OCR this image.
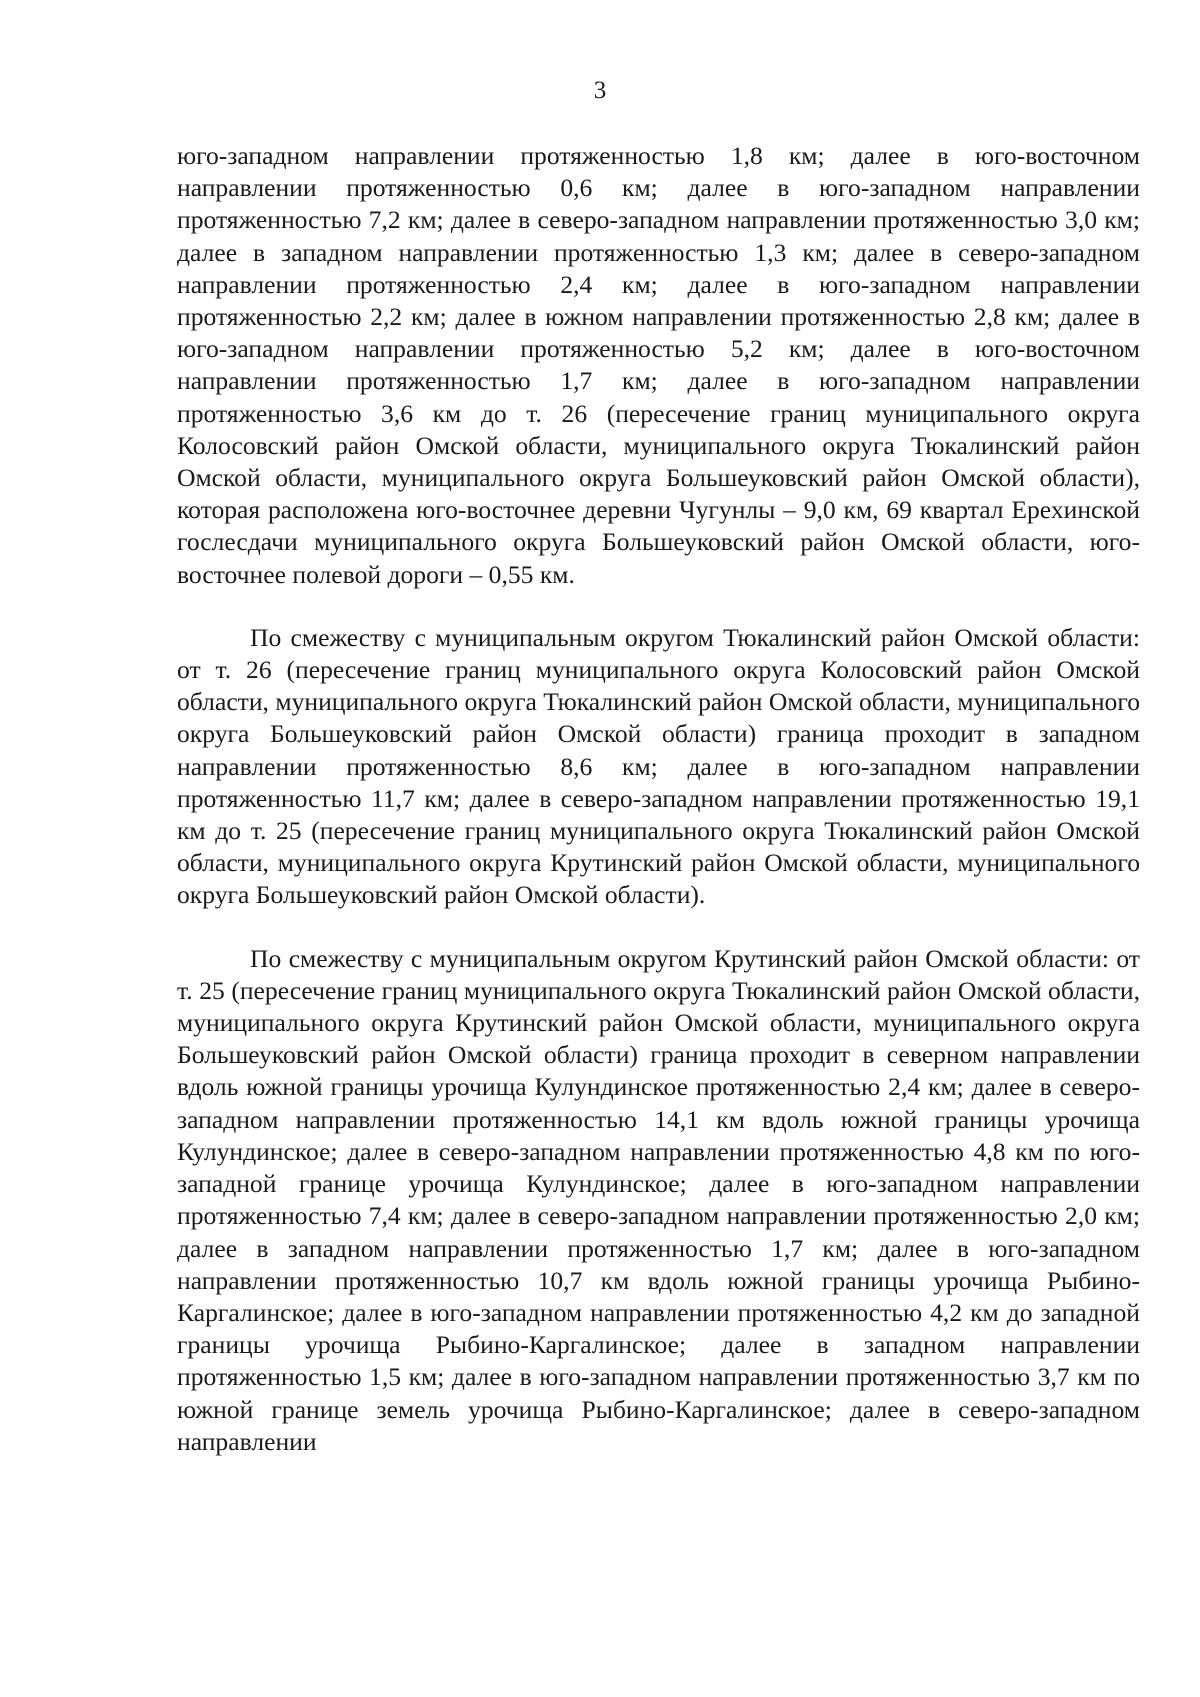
3

юго-западном направлении протяженностью 1,8 км; далее в юго-восточном направлении протяженностью 0,6 км; далее в юго-западном направлении протяженностью 7,2 км; далее в северо-западном направлении протяженностью 3,0 км; далее в западном направлении протяженностью 1,3 км; далее в северо-западном направлении протяженностью 2,4 км; далее в юго-западном направлении протяженностью 2,2 км; далее в южном направлении протяженностью 2,8 км; далее в юго-западном направлении протяженностью 5,2 км; далее в юго-восточном направлении протяженностью 1,7 км; далее в юго-западном направлении протяженностью 3,6 км до т. 26 (пересечение границ муниципального округа Колосовский район Омской области, муниципального округа Тюкалинский район Омской области, муниципального округа Большеуковский район Омской области), которая расположена юго-восточнее деревни Чугунлы – 9,0 км, 69 квартал Ерехинской гослесдачи муниципального округа Большеуковский район Омской области, юго-восточнее полевой дороги – 0,55 км.

По смежеству с муниципальным округом Тюкалинский район Омской области: от т. 26 (пересечение границ муниципального округа Колосовский район Омской области, муниципального округа Тюкалинский район Омской области, муниципального округа Большеуковский район Омской области) граница проходит в западном направлении протяженностью 8,6 км; далее в юго-западном направлении протяженностью 11,7 км; далее в северо-западном направлении протяженностью 19,1 км до т. 25 (пересечение границ муниципального округа Тюкалинский район Омской области, муниципального округа Крутинский район Омской области, муниципального округа Большеуковский район Омской области).

По смежеству с муниципальным округом Крутинский район Омской области: от т. 25 (пересечение границ муниципального округа Тюкалинский район Омской области, муниципального округа Крутинский район Омской области, муниципального округа Большеуковский район Омской области) граница проходит в северном направлении вдоль южной границы урочища Кулундинское протяженностью 2,4 км; далее в северо-западном направлении протяженностью 14,1 км вдоль южной границы урочища Кулундинское; далее в северо-западном направлении протяженностью 4,8 км по юго-западной границе урочища Кулундинское; далее в юго-западном направлении протяженностью 7,4 км; далее в северо-западном направлении протяженностью 2,0 км; далее в западном направлении протяженностью 1,7 км; далее в юго-западном направлении протяженностью 10,7 км вдоль южной границы урочища Рыбино-Каргалинское; далее в юго-западном направлении протяженностью 4,2 км до западной границы урочища Рыбино-Каргалинское; далее в западном направлении протяженностью 1,5 км; далее в юго-западном направлении протяженностью 3,7 км по южной границе земель урочища Рыбино-Каргалинское; далее в северо-западном направлении
